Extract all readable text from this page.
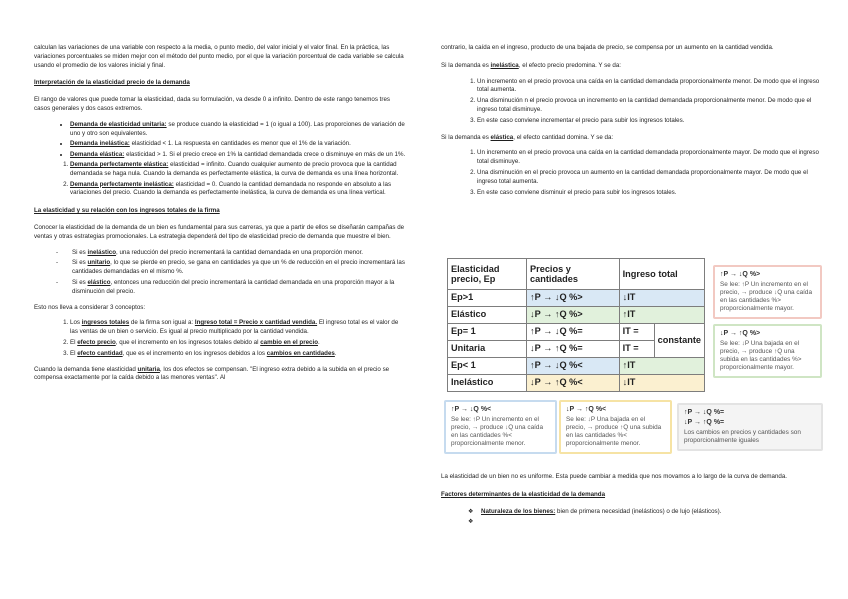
calculan las variaciones de una variable con respecto a la media, o punto medio, del valor inicial y el valor final. En la práctica, las variaciones porcentuales se miden mejor con el método del punto medio, por el que la variación porcentual de cada variable se calcula usando el promedio de los valores inicial y final.

Interpretación de la elasticidad precio de la demanda

El rango de valores que puede tomar la elasticidad, dada su formulación, va desde 0 a infinito. Dentro de este rango tenemos tres casos generales y dos casos extremos.

• Demanda de elasticidad unitaria: se produce cuando la elasticidad = 1 (o igual a 100). Las proporciones de variación de uno y otro son equivalentes.
• Demanda inelástica: elasticidad < 1. La respuesta en cantidades es menor que el 1% de la variación.
• Demanda elástica: elasticidad > 1. Si el precio crece en 1% la cantidad demandada crece o disminuye en más de un 1%.
1. Demanda perfectamente elástica: elasticidad = infinito. Cuando cualquier aumento de precio provoca que la cantidad demandada se haga nula. Cuando la demanda es perfectamente elástica, la curva de demanda es una línea horizontal.
2. Demanda perfectamente inelástica: elasticidad = 0. Cuando la cantidad demandada no responde en absoluto a las variaciones del precio. Cuando la demanda es perfectamente inelástica, la curva de demanda es una línea vertical.
La elasticidad y su relación con los ingresos totales de la firma

Conocer la elasticidad de la demanda de un bien es fundamental para sus carreras, ya que a partir de ellos se diseñarán campañas de ventas y otras estrategias promocionales. La estrategia dependerá del tipo de elasticidad precio de demanda que muestre el bien.

- Si es inelástico, una reducción del precio incrementará la cantidad demandada en una proporción menor.
- Si es unitario, lo que se pierde en precio, se gana en cantidades ya que un % de reducción en el precio incrementará las cantidades demandadas en el mismo %.
- Si es elástico, entonces una reducción del precio incrementará la cantidad demandada en una proporción mayor a la disminución del precio.

Esto nos lleva a considerar 3 conceptos:

1. Los ingresos totales de la firma son igual a: Ingreso total = Precio x cantidad vendida. El ingreso total es el valor de las ventas de un bien o servicio. Es igual al precio multiplicado por la cantidad vendida.
2. El efecto precio, que el incremento en los ingresos totales debido al cambio en el precio.
3. El efecto cantidad, que es el incremento en los ingresos debidos a los cambios en cantidades.

Cuando la demanda tiene elasticidad unitaria, los dos efectos se compensan. "El ingreso extra debido a la subida en el precio se compensa exactamente por la caída debido a las menores ventas". Al

contrario, la caída en el ingreso, producto de una bajada de precio, se compensa por un aumento en la cantidad vendida.

Si la demanda es inelástica, el efecto precio predomina. Y se da:

1. Un incremento en el precio provoca una caída en la cantidad demandada proporcionalmente menor. De modo que el ingreso total aumenta.
2. Una disminución n el precio provoca un incremento en la cantidad demandada proporcionalmente menor. De modo que el ingreso total disminuye.
3. En este caso conviene incrementar el precio para subir los ingresos totales.

Si la demanda es elástica, el efecto cantidad domina. Y se da:

1. Un incremento en el precio provoca una caída en la cantidad demandada proporcionalmente mayor. De modo que el ingreso total disminuye.
2. Una disminución en el precio provoca un aumento en la cantidad demandada proporcionalmente mayor. De modo que el ingreso total aumenta.
3. En este caso conviene disminuir el precio para subir los ingresos totales.
Elasticidad precio, Ep	Precios y cantidades	Ingreso total	
Ep>1	↑P → ↓Q %>	↓IT	
Elástico	↓P → ↑Q %>	↑IT	
Ep= 1	↑P → ↓Q %=	IT =	constante
Unitaria	↓P → ↑Q %=	IT =	
Ep< 1	↑P → ↓Q %<	↑IT	
Inelástico	↓P → ↑Q %<	↓IT	
↑P → ↓Q %>
Se lee: ↑P Un incremento en el precio, → produce ↓Q una caída en las cantidades %> proporcionalmente mayor.
↓P → ↑Q %>
Se lee: ↓P Una bajada en el precio, → produce ↑Q una subida en las cantidades %> proporcionalmente mayor.
↑P → ↓Q %<
Se lee: ↑P Un incremento en el precio, → produce ↓Q una caída en las cantidades %< proporcionalmente menor.
↓P → ↑Q %<
Se lee: ↓P Una bajada en el precio, → produce ↑Q una subida en las cantidades %< proporcionalmente menor.
↑P → ↓Q %=
↓P → ↑Q %=
Los cambios en precios y cantidades son proporcionalmente iguales

La elasticidad de un bien no es uniforme. Esta puede cambiar a medida que nos movamos a lo largo de la curva de demanda.

Factores determinantes de la elasticidad de la demanda
❖ Naturaleza de los bienes: bien de primera necesidad (inelásticos) o de lujo (elásticos).
